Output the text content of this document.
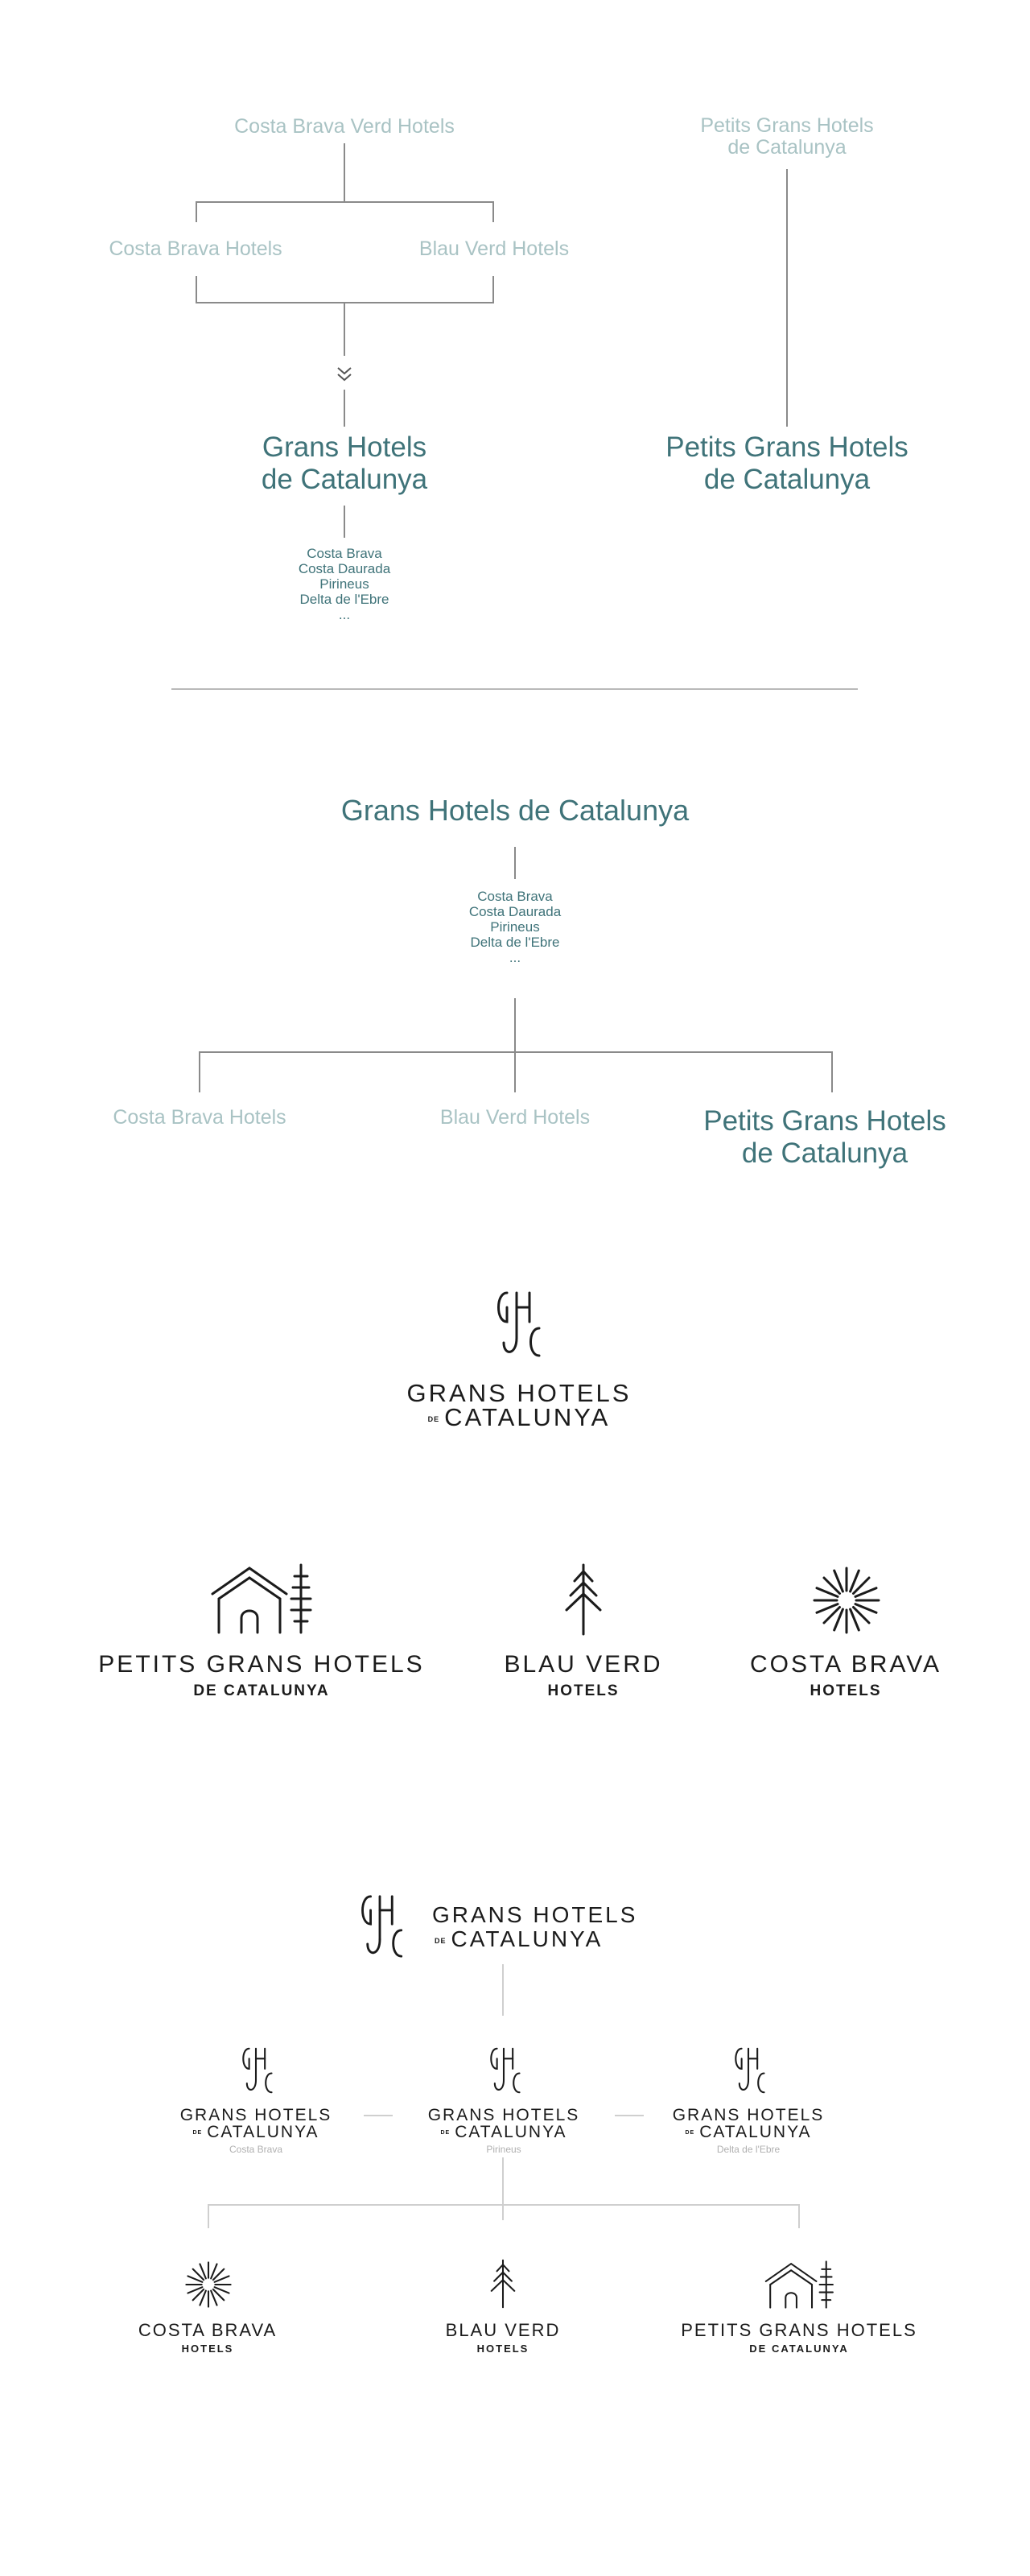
Costa Brava Verd Hotels
Costa Brava Hotels	Blau Verd Hotels
Grans Hotels
de Catalunya
Costa Brava
Costa Daurada
Pirineus
Delta de l'Ebre
...
Petits Grans Hotels
de Catalunya
Petits Grans Hotels
de Catalunya
Grans Hotels de Catalunya
Costa Brava
Costa Daurada
Pirineus
Delta de l'Ebre
...
Costa Brava Hotels	Blau Verd Hotels	Petits Grans Hotels
de Catalunya
GRANS HOTELS
DE CATALUNYA
PETITS GRANS HOTELS
DE CATALUNYA
BLAU VERD
HOTELS
COSTA BRAVA
HOTELS
GRANS HOTELS
DE CATALUNYA
GRANS HOTELS
DE CATALUNYA
Costa Brava
GRANS HOTELS
DE CATALUNYA
Pirineus
GRANS HOTELS
DE CATALUNYA
Delta de l'Ebre
COSTA BRAVA
HOTELS
BLAU VERD
HOTELS
PETITS GRANS HOTELS
DE CATALUNYA
